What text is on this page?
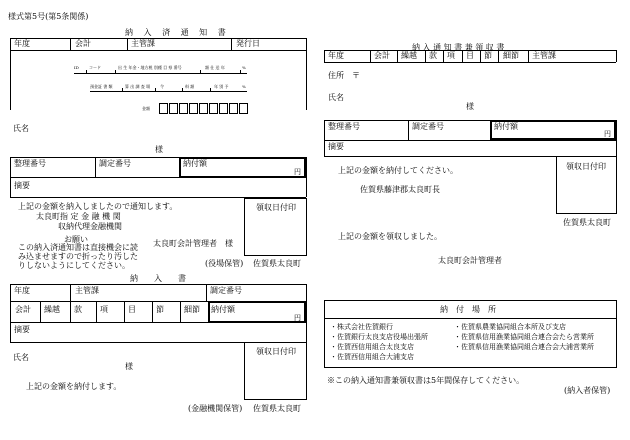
様式第5号(第5条関係)
納 入 済 通 知 書
年度	会計	主管課	発行日
ID	コード	出 生 年金・地方税 別種 目 県 番号	額 仕 送 年	%
預金証 書 類	算 出 調 査 場 令	料 額	年 別 予	%
金額
氏名
様
整理番号	調定番号	納付額
円
摘要
上記の金額を納入しましたので通知します。
太良町指 定 金 融 機 関
収納代理金融機関
お願い
この納入済通知書は直接機会に読
み込ませますので折ったり汚した
りしないようにしてください。
太良町会計管理者　様
領収日付印
(役場保管) 佐賀県太良町
納　　入　　書
年度	主管課	調定番号
会計 繰越 款 項	目	節	細節 納付額
円
摘要
氏名
様
上記の金額を納付します。
領収日付印
(金融機関保管) 佐賀県太良町
納 入 通 知 書 兼 領 収 書
年度	会計 繰越 款 項 目 節 細節 主管課
住所 〒
氏名
様
整理番号	調定番号	納付額
円
摘要
上記の金額を納付してください。
佐賀県藤津郡太良町長
領収日付印
佐賀県太良町
上記の金額を領収しました。
太良町会計管理者
納　付　場　所
・株式会社佐賀銀行
・佐賀銀行太良支店役場出張所
・佐賀西信用組合太良支店
・佐賀西信用組合大浦支店
・佐賀県農業協同組合本所及び支店
・佐賀県信用漁業協同組合連合会たら営業所
・佐賀県信用漁業協同組合連合会大浦営業所
※この納入通知書兼領収書は5年間保存してください。
(納入者保管)
